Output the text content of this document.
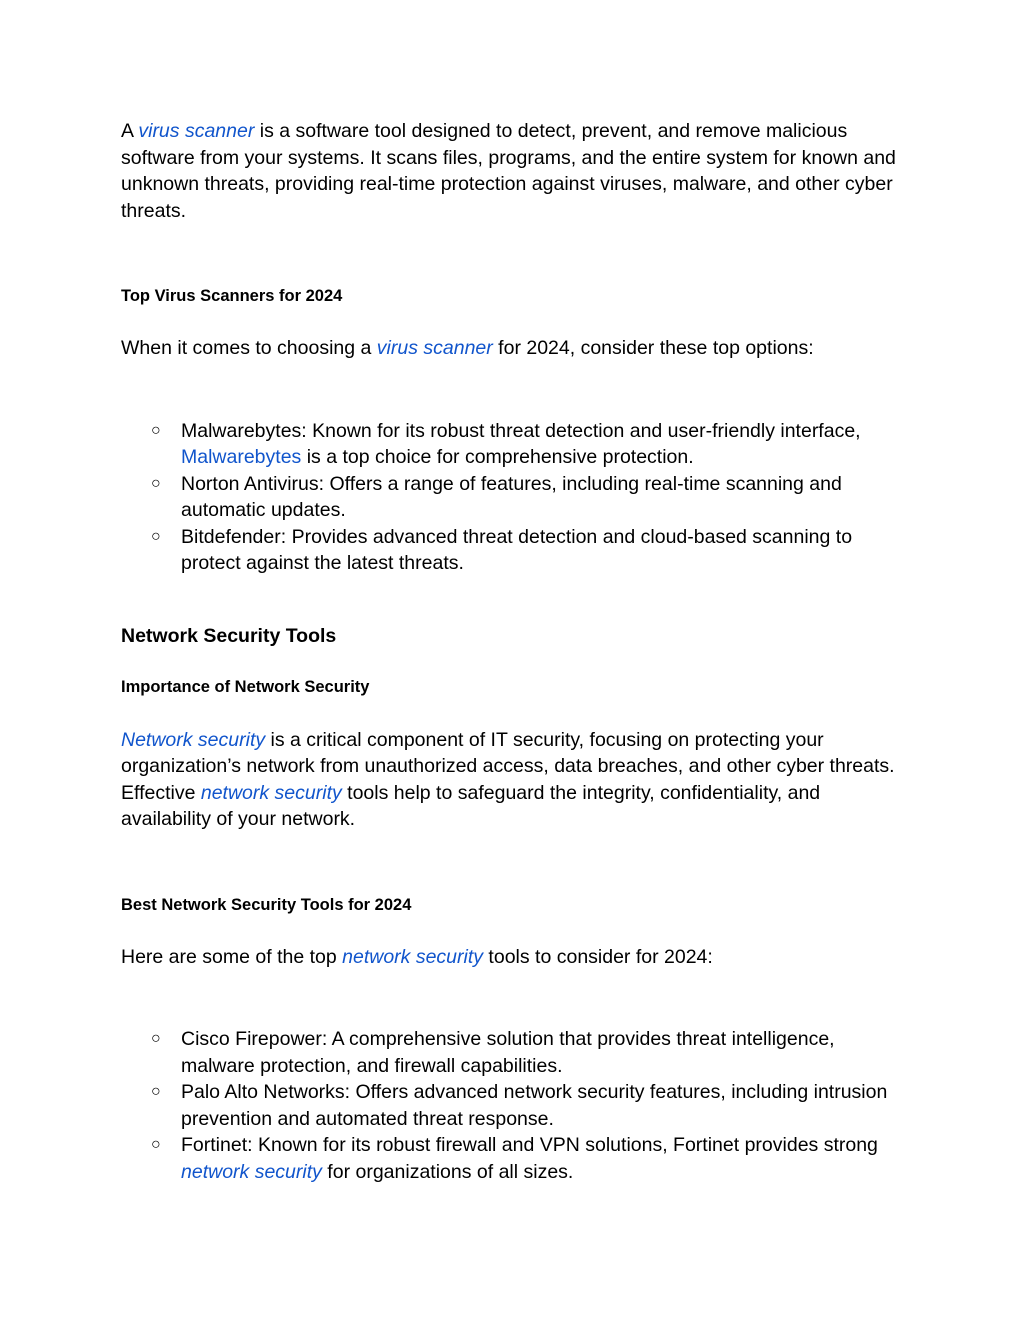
A virus scanner is a software tool designed to detect, prevent, and remove malicious software from your systems. It scans files, programs, and the entire system for known and unknown threats, providing real-time protection against viruses, malware, and other cyber threats.

Top Virus Scanners for 2024

When it comes to choosing a virus scanner for 2024, consider these top options:

○ Malwarebytes: Known for its robust threat detection and user-friendly interface, Malwarebytes is a top choice for comprehensive protection.
○ Norton Antivirus: Offers a range of features, including real-time scanning and automatic updates.
○ Bitdefender: Provides advanced threat detection and cloud-based scanning to protect against the latest threats.

Network Security Tools

Importance of Network Security

Network security is a critical component of IT security, focusing on protecting your organization’s network from unauthorized access, data breaches, and other cyber threats. Effective network security tools help to safeguard the integrity, confidentiality, and availability of your network.

Best Network Security Tools for 2024

Here are some of the top network security tools to consider for 2024:

○ Cisco Firepower: A comprehensive solution that provides threat intelligence, malware protection, and firewall capabilities.
○ Palo Alto Networks: Offers advanced network security features, including intrusion prevention and automated threat response.
○ Fortinet: Known for its robust firewall and VPN solutions, Fortinet provides strong network security for organizations of all sizes.
